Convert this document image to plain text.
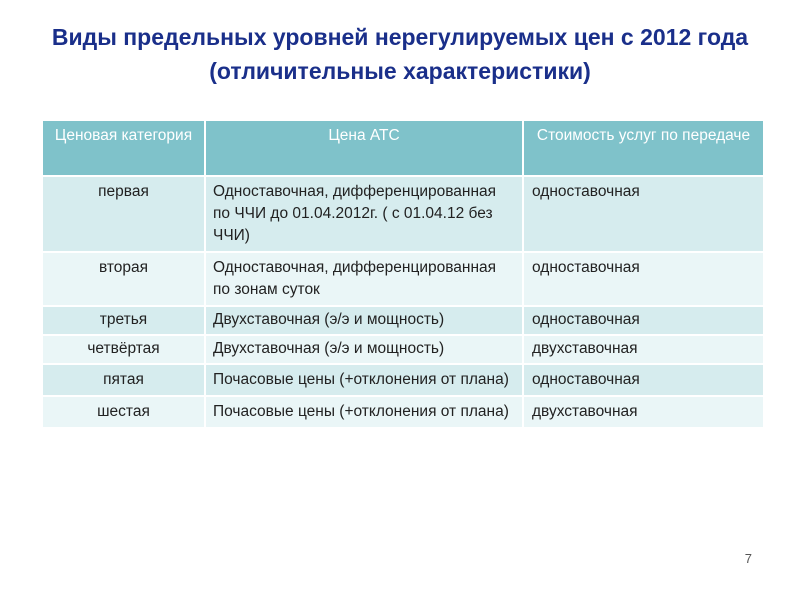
Виды предельных уровней нерегулируемых цен с 2012 года (отличительные характеристики)
Ценовая категория	Цена АТС	Стоимость услуг по передаче
первая	Одноставочная, дифференцированная по ЧЧИ до 01.04.2012г. ( с 01.04.12 без ЧЧИ)	одноставочная
вторая	Одноставочная, дифференцированная по зонам суток	одноставочная
третья	Двухставочная (э/э и мощность)	одноставочная
четвёртая	Двухставочная (э/э и мощность)	двухставочная
пятая	Почасовые цены (+отклонения от плана)	одноставочная
шестая	Почасовые цены (+отклонения от плана)	двухставочная
7
